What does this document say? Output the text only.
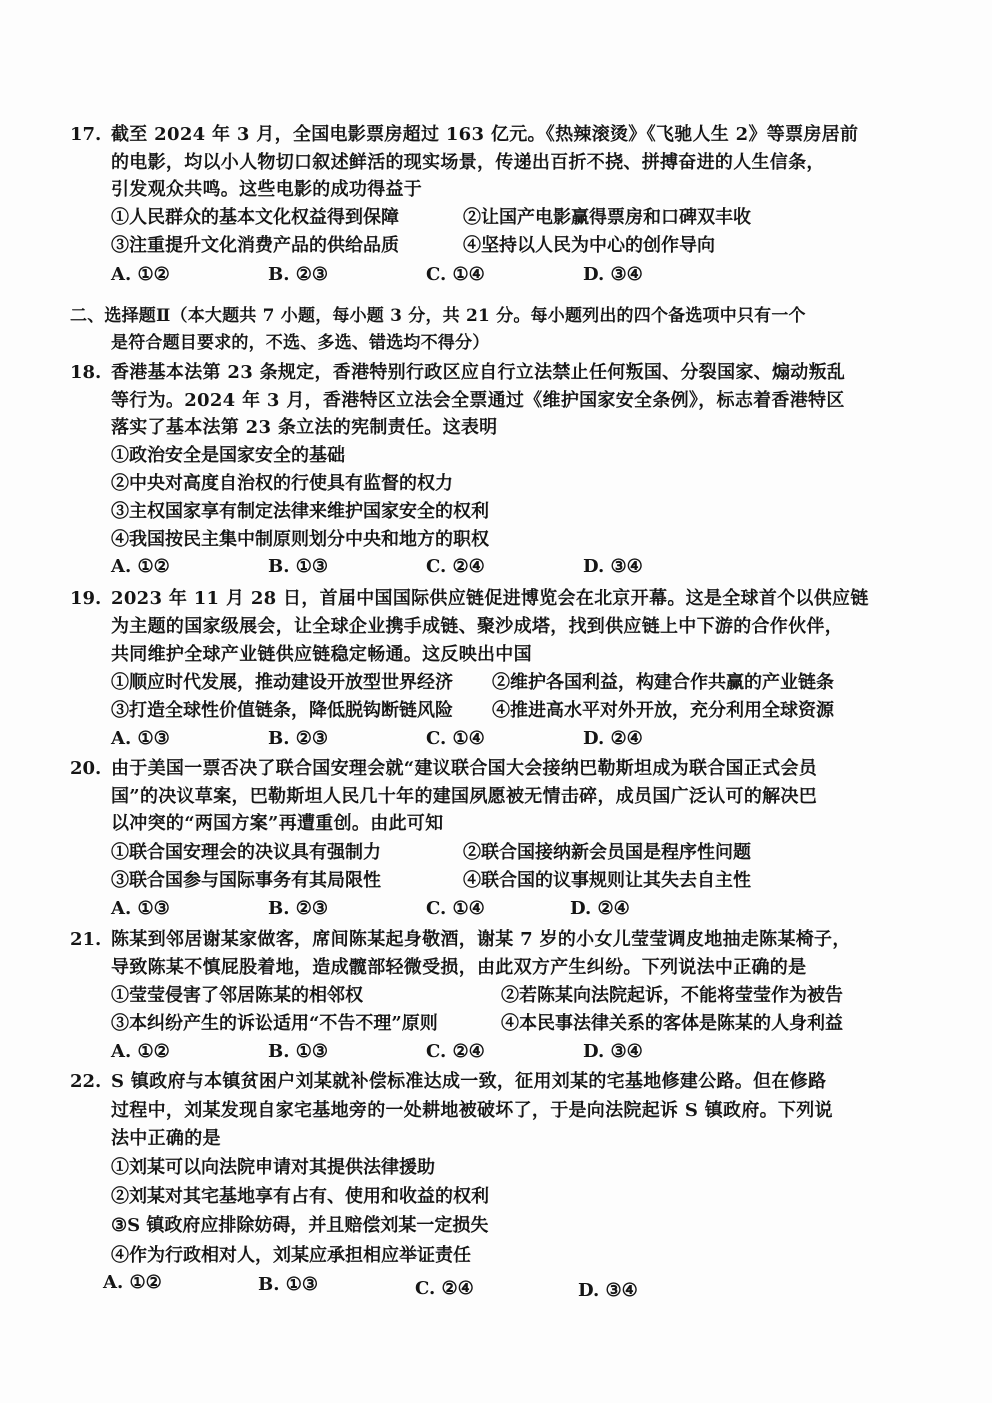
17. 截至 2024 年 3 月，全国电影票房超过 163 亿元。《热辣滚烫》《飞驰人生 2》等票房居前
的电影，均以小人物切口叙述鲜活的现实场景，传递出百折不挠、拼搏奋进的人生信条，
引发观众共鸣。这些电影的成功得益于
①人民群众的基本文化权益得到保障	②让国产电影赢得票房和口碑双丰收
③注重提升文化消费产品的供给品质	④坚持以人民为中心的创作导向
A. ①②	B. ②③	C. ①④	D. ③④
二、选择题Ⅱ（本大题共 7 小题，每小题 3 分，共 21 分。每小题列出的四个备选项中只有一个
是符合题目要求的，不选、多选、错选均不得分）
18. 香港基本法第 23 条规定，香港特别行政区应自行立法禁止任何叛国、分裂国家、煽动叛乱
等行为。2024 年 3 月，香港特区立法会全票通过《维护国家安全条例》，标志着香港特区
落实了基本法第 23 条立法的宪制责任。这表明
①政治安全是国家安全的基础
②中央对高度自治权的行使具有监督的权力
③主权国家享有制定法律来维护国家安全的权利
④我国按民主集中制原则划分中央和地方的职权
A. ①②	B. ①③	C. ②④	D. ③④
19. 2023 年 11 月 28 日，首届中国国际供应链促进博览会在北京开幕。这是全球首个以供应链
为主题的国家级展会，让全球企业携手成链、聚沙成塔，找到供应链上中下游的合作伙伴，
共同维护全球产业链供应链稳定畅通。这反映出中国
①顺应时代发展，推动建设开放型世界经济 ②维护各国利益，构建合作共赢的产业链条
③打造全球性价值链条，降低脱钩断链风险 ④推进高水平对外开放，充分利用全球资源
A. ①③	B. ②③	C. ①④	D. ②④
20. 由于美国一票否决了联合国安理会就“建议联合国大会接纳巴勒斯坦成为联合国正式会员
国”的决议草案，巴勒斯坦人民几十年的建国夙愿被无情击碎，成员国广泛认可的解决巴
以冲突的“两国方案”再遭重创。由此可知
①联合国安理会的决议具有强制力	②联合国接纳新会员国是程序性问题
③联合国参与国际事务有其局限性	④联合国的议事规则让其失去自主性
A. ①③	B. ②③	C. ①④	D. ②④
21. 陈某到邻居谢某家做客，席间陈某起身敬酒，谢某 7 岁的小女儿莹莹调皮地抽走陈某椅子，
导致陈某不慎屁股着地，造成髋部轻微受损，由此双方产生纠纷。下列说法中正确的是
①莹莹侵害了邻居陈某的相邻权	②若陈某向法院起诉，不能将莹莹作为被告
③本纠纷产生的诉讼适用“不告不理”原则	④本民事法律关系的客体是陈某的人身利益
A. ①②	B. ①③	C. ②④	D. ③④
22. S 镇政府与本镇贫困户刘某就补偿标准达成一致，征用刘某的宅基地修建公路。但在修路
过程中，刘某发现自家宅基地旁的一处耕地被破坏了，于是向法院起诉 S 镇政府。下列说
法中正确的是
①刘某可以向法院申请对其提供法律援助
②刘某对其宅基地享有占有、使用和收益的权利
③S 镇政府应排除妨碍，并且赔偿刘某一定损失
④作为行政相对人，刘某应承担相应举证责任
A. ①②	B. ①③	C. ②④	D. ③④
